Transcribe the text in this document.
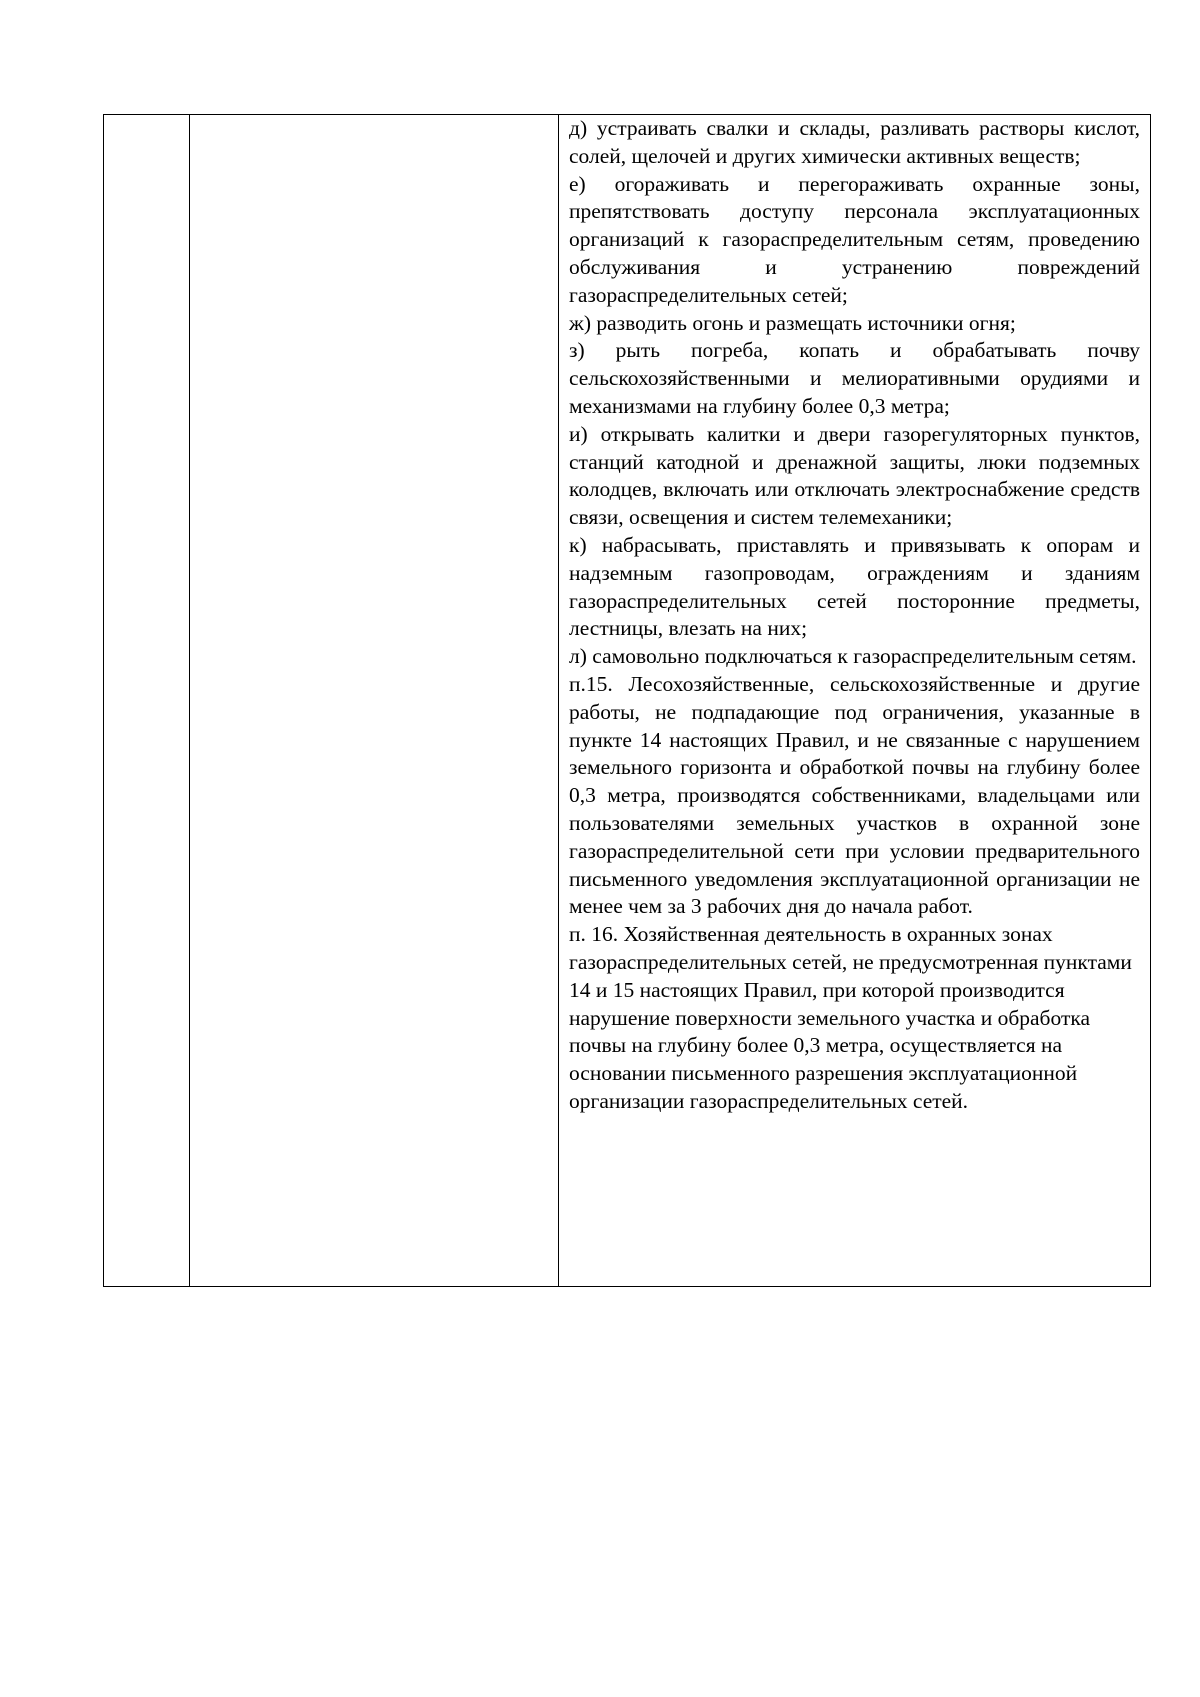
д) устраивать свалки и склады, разливать растворы кислот, солей, щелочей и других химически активных веществ;

е) огораживать и перегораживать охранные зоны, препятствовать доступу персонала эксплуатационных организаций к газораспределительным сетям, проведению обслуживания и устранению повреждений газораспределительных сетей;

ж) разводить огонь и размещать источники огня;

з) рыть погреба, копать и обрабатывать почву сельскохозяйственными и мелиоративными орудиями и механизмами на глубину более 0,3 метра;

и) открывать калитки и двери газорегуляторных пунктов, станций катодной и дренажной защиты, люки подземных колодцев, включать или отключать электроснабжение средств связи, освещения и систем телемеханики;

к) набрасывать, приставлять и привязывать к опорам и надземным газопроводам, ограждениям и зданиям газораспределительных сетей посторонние предметы, лестницы, влезать на них;

л) самовольно подключаться к газораспределительным сетям.

п.15. Лесохозяйственные, сельскохозяйственные и другие работы, не подпадающие под ограничения, указанные в пункте 14 настоящих Правил, и не связанные с нарушением земельного горизонта и обработкой почвы на глубину более 0,3 метра, производятся собственниками, владельцами или пользователями земельных участков в охранной зоне газораспределительной сети при условии предварительного письменного уведомления эксплуатационной организации не менее чем за 3 рабочих дня до начала работ.

п. 16. Хозяйственная деятельность в охранных зонах газораспределительных сетей, не предусмотренная пунктами 14 и 15 настоящих Правил, при которой производится нарушение поверхности земельного участка и обработка почвы на глубину более 0,3 метра, осуществляется на основании письменного разрешения эксплуатационной организации газораспределительных сетей.
